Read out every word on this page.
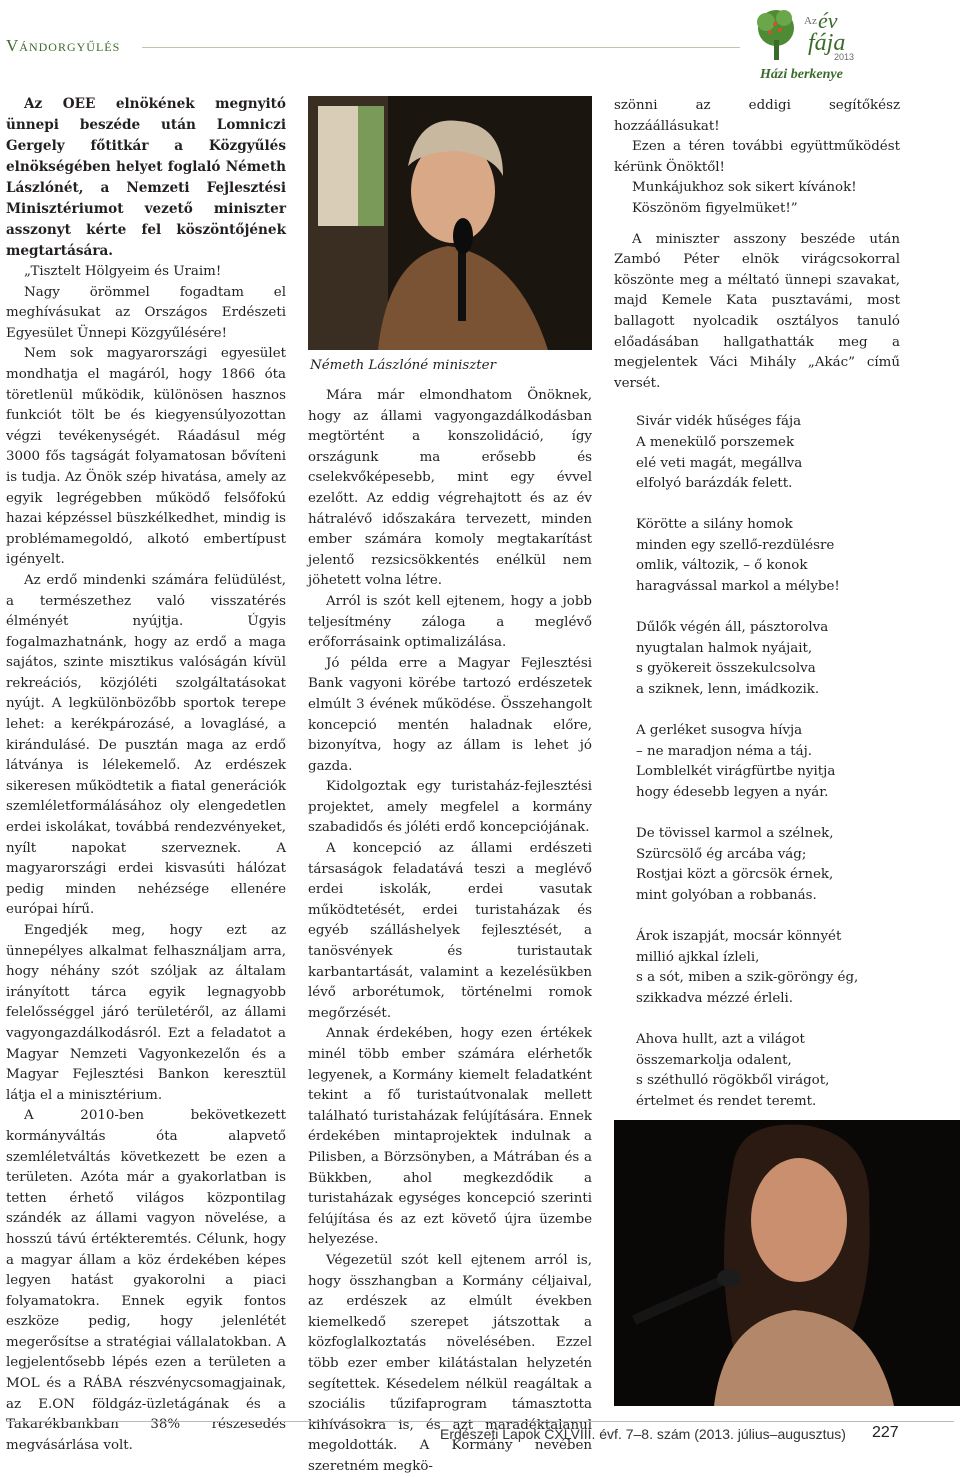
Vándorgyűlés
Az év
fája
2013
Házi berkenye

Az OEE elnökének megnyitó ünnepi beszéde után Lomniczi Gergely főtitkár a Közgyűlés elnökségében helyet foglaló Németh Lászlónét, a Nemzeti Fejlesztési Minisztériumot vezető miniszter asszonyt kérte fel köszöntőjének megtartására.

„Tisztelt Hölgyeim és Uraim!

Nagy örömmel fogadtam el meghívásukat az Országos Erdészeti Egyesület Ünnepi Közgyűlésére!

Nem sok magyarországi egyesület mondhatja el magáról, hogy 1866 óta töretlenül működik, különösen hasznos funkciót tölt be és kiegyensúlyozottan végzi tevékenységét. Ráadásul még 3000 fős tagságát folyamatosan bővíteni is tudja. Az Önök szép hivatása, amely az egyik legrégebben működő felsőfokú hazai képzéssel büszkélkedhet, mindig is problémamegoldó, alkotó embertípust igényelt.

Az erdő mindenki számára felüdülést, a természethez való visszatérés élményét nyújtja. Úgyis fogalmazhatnánk, hogy az erdő a maga sajátos, szinte misztikus valóságán kívül rekreációs, közjóléti szolgáltatásokat nyújt. A legkülönbözőbb sportok terepe lehet: a kerékpározásé, a lovaglásé, a kirándulásé. De pusztán maga az erdő látványa is lélekemelő. Az erdészek sikeresen működtetik a fiatal generációk szemléletformálásához oly elengedetlen erdei iskolákat, továbbá rendezvényeket, nyílt napokat szerveznek. A magyarországi erdei kisvasúti hálózat pedig minden nehézsége ellenére európai hírű.

Engedjék meg, hogy ezt az ünnepélyes alkalmat felhasználjam arra, hogy néhány szót szóljak az általam irányított tárca egyik legnagyobb felelősséggel járó területéről, az állami vagyongazdálkodásról. Ezt a feladatot a Magyar Nemzeti Vagyonkezelőn és a Magyar Fejlesztési Bankon keresztül látja el a minisztérium.

A 2010-ben bekövetkezett kormányváltás óta alapvető szemléletváltás következett be ezen a területen. Azóta már a gyakorlatban is tetten érhető világos központilag szándék az állami vagyon növelése, a hosszú távú értékteremtés. Célunk, hogy a magyar állam a köz érdekében képes legyen hatást gyakorolni a piaci folyamatokra. Ennek egyik fontos eszköze pedig, hogy jelenlétét megerősítse a stratégiai vállalatokban. A legjelentősebb lépés ezen a területen a MOL és a RÁBA részvénycsomagjainak, az E.ON földgáz-üzletágának és a Takarékbankban 38% részesedés megvásárlása volt.

Németh Lászlóné miniszter

Mára már elmondhatom Önöknek, hogy az állami vagyongazdálkodásban megtörtént a konszolidáció, így országunk ma erősebb és cselekvőképesebb, mint egy évvel ezelőtt. Az eddig végrehajtott és az év hátralévő időszakára tervezett, minden ember számára komoly megtakarítást jelentő rezsicsökkentés enélkül nem jöhetett volna létre.

Arról is szót kell ejtenem, hogy a jobb teljesítmény záloga a meglévő erőforrásaink optimalizálása.

Jó példa erre a Magyar Fejlesztési Bank vagyoni körébe tartozó erdészetek elmúlt 3 évének működése. Összehangolt koncepció mentén haladnak előre, bizonyítva, hogy az állam is lehet jó gazda.

Kidolgoztak egy turistaház-fejlesztési projektet, amely megfelel a kormány szabadidős és jóléti erdő koncepciójának.

A koncepció az állami erdészeti társaságok feladatává teszi a meglévő erdei iskolák, erdei vasutak működtetését, erdei turistaházak és egyéb szálláshelyek fejlesztését, a tanösvények és turistautak karbantartását, valamint a kezelésükben lévő arborétumok, történelmi romok megőrzését.

Annak érdekében, hogy ezen értékek minél több ember számára elérhetők legyenek, a Kormány kiemelt feladatként tekint a fő turistaútvonalak mellett található turistaházak felújítására. Ennek érdekében mintaprojektek indulnak a Pilisben, a Börzsönyben, a Mátrában és a Bükkben, ahol megkezdődik a turistaházak egységes koncepció szerinti felújítása és az ezt követő újra üzembe helyezése.

Végezetül szót kell ejtenem arról is, hogy összhangban a Kormány céljaival, az erdészek az elmúlt években kiemelkedő szerepet játszottak a közfoglalkoztatás növelésében. Ezzel több ezer ember kilátástalan helyzetén segítettek. Késedelem nélkül reagáltak a szociális tűzifaprogram támasztotta kihívásokra is, és azt maradéktalanul megoldották. A Kormány nevében szeretném megkö-

szönni az eddigi segítőkész hozzáállásukat!

Ezen a téren további együttműködést kérünk Önöktől!

Munkájukhoz sok sikert kívánok!

Köszönöm figyelmüket!”

A miniszter asszony beszéde után Zambó Péter elnök virágcsokorral köszönte meg a méltató ünnepi szavakat, majd Kemele Kata pusztavámi, most ballagott nyolcadik osztályos tanuló előadásában hallgathatták meg a megjelentek Váci Mihály „Akác” című versét.

Sivár vidék hűséges fája
A menekülő porszemek
elé veti magát, megállva
elfolyó barázdák felett.
Körötte a silány homok
minden egy szellő-rezdülésre
omlik, változik, – ő konok
haragvással markol a mélybe!
Dűlők végén áll, pásztorolva
nyugtalan halmok nyájait,
s gyökereit összekulcsolva
a sziknek, lenn, imádkozik.
A gerléket susogva hívja
– ne maradjon néma a táj.
Lomblelkét virágfürtbe nyitja
hogy édesebb legyen a nyár.
De tövissel karmol a szélnek,
Szürcsölő ég arcába vág;
Rostjai közt a görcsök érnek,
mint golyóban a robbanás.
Árok iszapját, mocsár könnyét
millió ajkkal ízleli,
s a sót, miben a szik-göröngy ég,
szikkadva mézzé érleli.
Ahova hullt, azt a világot
összemarkolja odalent,
s széthulló rögökből virágot,
értelmet és rendet teremt.
Erdészeti Lapok CXLVIII. évf. 7–8. szám (2013. július–augusztus) 227
